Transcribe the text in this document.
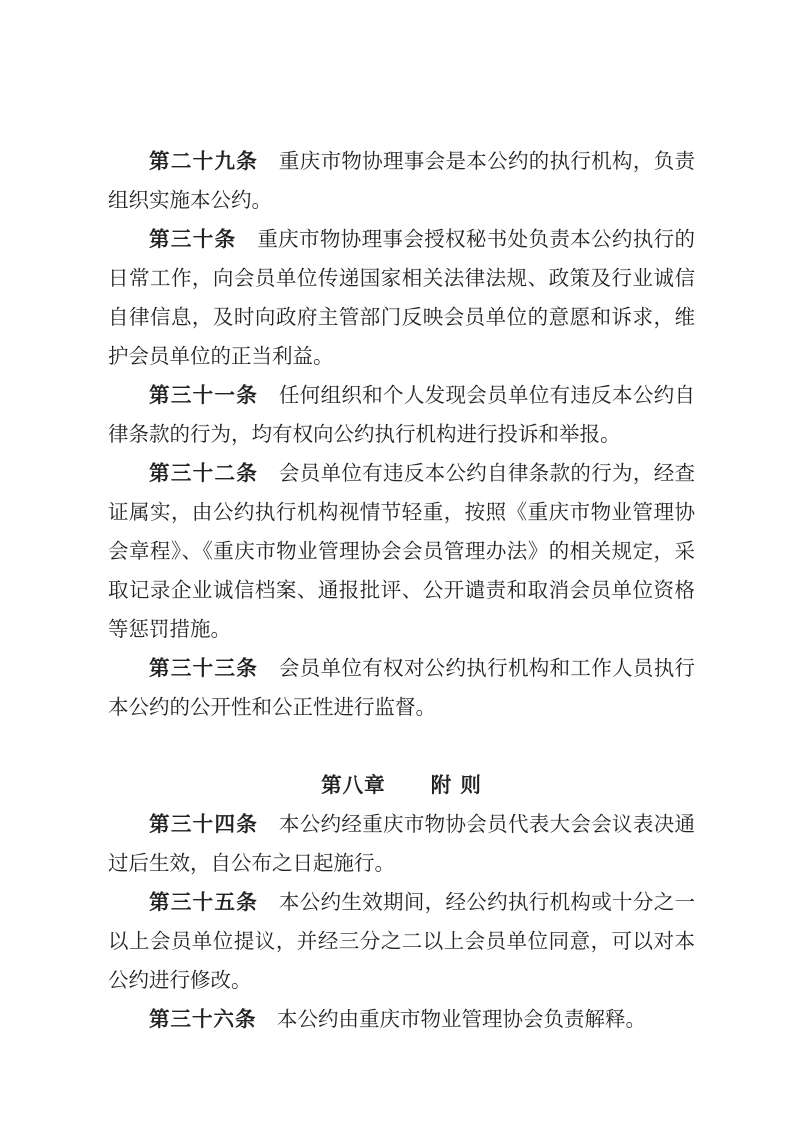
第二十九条 重庆市物协理事会是本公约的执行机构，负责组织实施本公约。

第三十条 重庆市物协理事会授权秘书处负责本公约执行的日常工作，向会员单位传递国家相关法律法规、政策及行业诚信自律信息，及时向政府主管部门反映会员单位的意愿和诉求，维护会员单位的正当利益。

第三十一条 任何组织和个人发现会员单位有违反本公约自律条款的行为，均有权向公约执行机构进行投诉和举报。

第三十二条 会员单位有违反本公约自律条款的行为，经查证属实，由公约执行机构视情节轻重，按照《重庆市物业管理协会章程》、《重庆市物业管理协会会员管理办法》的相关规定，采取记录企业诚信档案、通报批评、公开谴责和取消会员单位资格等惩罚措施。

第三十三条 会员单位有权对公约执行机构和工作人员执行本公约的公开性和公正性进行监督。

第八章 附 则

第三十四条 本公约经重庆市物协会员代表大会会议表决通过后生效，自公布之日起施行。

第三十五条 本公约生效期间，经公约执行机构或十分之一以上会员单位提议，并经三分之二以上会员单位同意，可以对本公约进行修改。

第三十六条 本公约由重庆市物业管理协会负责解释。
